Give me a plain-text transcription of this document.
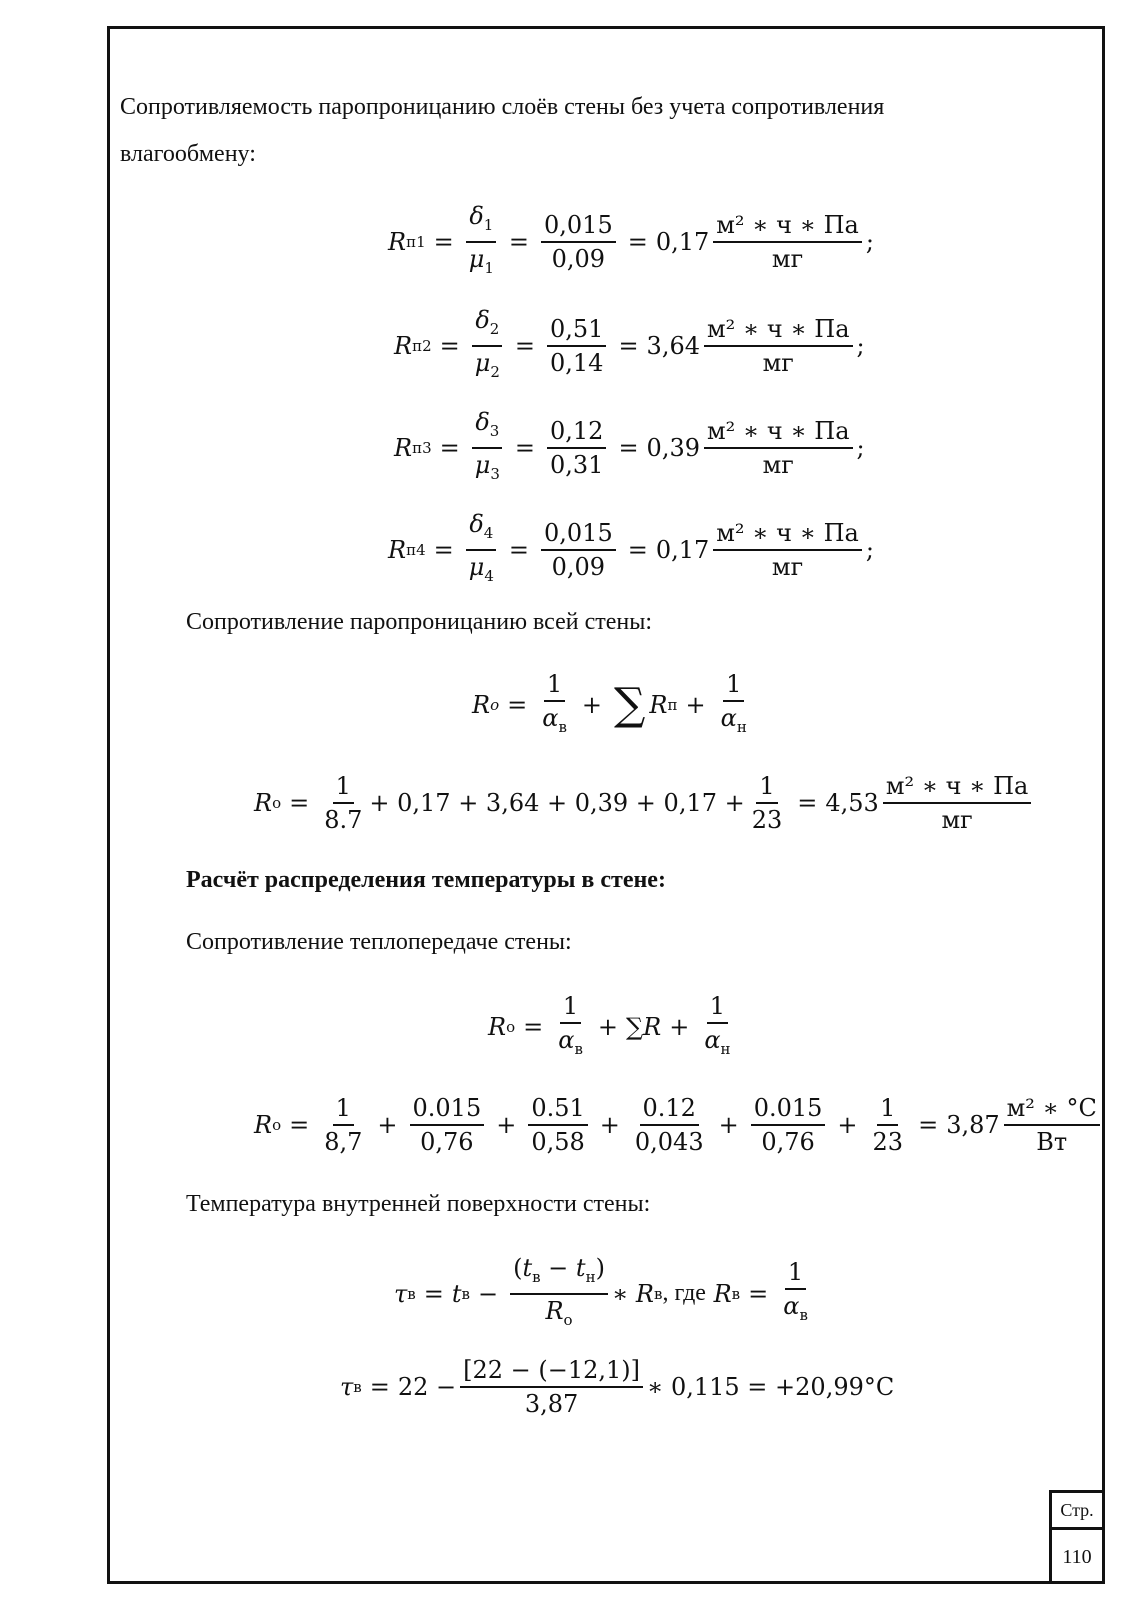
Сопротивляемость паропроницанию слоёв стены без учета сопротивления
влагообмену:
R $п1 = \frac{\delta_1}{\mu_1} = \frac{0,015}{0,09} = 0,17 \frac{\text{м² ∗ ч ∗ Па}}{мг}$ ;
R $п2 = \frac{\delta_2}{\mu_2} = \frac{0,51}{0,14} = 3,64 \frac{\text{м² ∗ ч ∗ Па}}{мг}$ ;
R $п3 = \frac{\delta_3}{\mu_3} = \frac{0,12}{0,31} = 0,39 \frac{\text{м² ∗ ч ∗ Па}}{мг}$ ;
R $п4 = \frac{\delta_4}{\mu_4} = \frac{0,015}{0,09} = 0,17 \frac{\text{м² ∗ ч ∗ Па}}{мг}$ ;
Сопротивление паропроницанию всей стены:
R $o = \frac{1}{\alpha_в}$ + ∑ R $п + \frac{1}{\alpha_н}$
R $о = \frac{1}{8.7} + 0,17 + 3,64 + 0,39 + 0,17 + \frac{1}{23} = 4,53 \frac{\text{м² ∗ ч ∗ Па}}{мг}$
Расчёт распределения температуры в стене:
Сопротивление теплопередаче стены:
R $о = \frac{1}{\alpha_в}$ + ∑ $R + \frac{1}{\alpha_н}$
R $о = \frac{1}{8,7} + \frac{0.015}{0,76} + \frac{0.51}{0,58} + \frac{0.12}{0,043} + \frac{0.015}{0,76} + \frac{1}{23} = 3,87 \frac{\text{м² ∗ °С}}{Вт}$
Температура внутренней поверхности стены:
τ в = t $в - \frac{(t_в - t_н)}{R_о}$ ∗
R в , где
R $в = \frac{1}{\alpha_в}$
τ $в = 22 - \frac{[22 - (-12,1)]}{3,87}$ ∗ 0,115 = +20,99°С
Стр.
110
